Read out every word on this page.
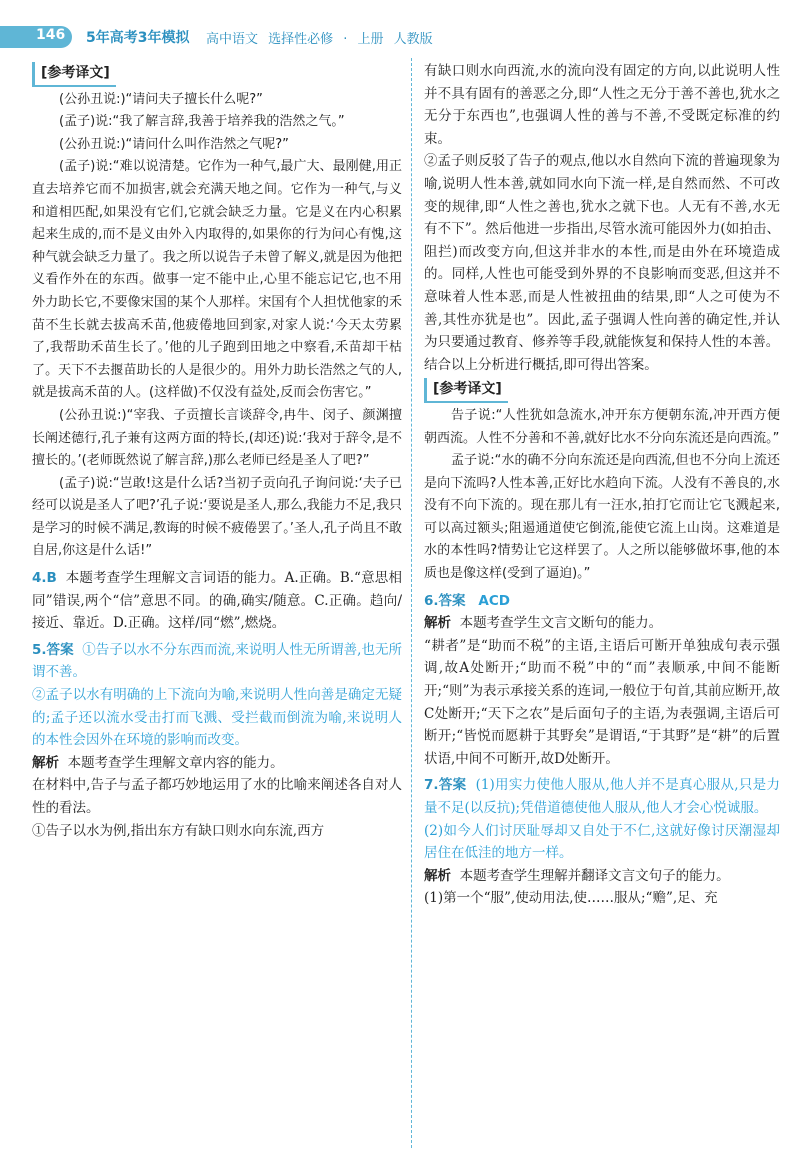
146 5年高考3年模拟 高中语文 选择性必修 · 上册 人教版
[参考译文]

(公孙丑说:)“请问夫子擅长什么呢?”

(孟子)说:“我了解言辞,我善于培养我的浩然之气。”

(公孙丑说:)“请问什么叫作浩然之气呢?”

(孟子)说:“难以说清楚。它作为一种气,最广大、最刚健,用正直去培养它而不加损害,就会充满天地之间。它作为一种气,与义和道相匹配,如果没有它们,它就会缺乏力量。它是义在内心积累起来生成的,而不是义由外入内取得的,如果你的行为问心有愧,这种气就会缺乏力量了。我之所以说告子未曾了解义,就是因为他把义看作外在的东西。做事一定不能中止,心里不能忘记它,也不用外力助长它,不要像宋国的某个人那样。宋国有个人担忧他家的禾苗不生长就去拔高禾苗,他疲倦地回到家,对家人说:‘今天太劳累了,我帮助禾苗生长了。’他的儿子跑到田地之中察看,禾苗却干枯了。天下不去揠苗助长的人是很少的。用外力助长浩然之气的人,就是拔高禾苗的人。(这样做)不仅没有益处,反而会伤害它。”

(公孙丑说:)“宰我、子贡擅长言谈辞令,冉牛、闵子、颜渊擅长阐述德行,孔子兼有这两方面的特长,(却还)说:‘我对于辞令,是不擅长的。’(老师既然说了解言辞,)那么老师已经是圣人了吧?”

(孟子)说:“岂敢!这是什么话?当初子贡向孔子询问说:‘夫子已经可以说是圣人了吧?’孔子说:‘要说是圣人,那么,我能力不足,我只是学习的时候不满足,教诲的时候不疲倦罢了。’圣人,孔子尚且不敢自居,你这是什么话!”

4.B 本题考查学生理解文言词语的能力。A.正确。B.“意思相同”错误,两个“信”意思不同。的确,确实/随意。C.正确。趋向/接近、靠近。D.正确。这样/同“燃”,燃烧。

5.答案 ①告子以水不分东西而流,来说明人性无所谓善,也无所谓不善。

②孟子以水有明确的上下流向为喻,来说明人性向善是确定无疑的;孟子还以流水受击打而飞溅、受拦截而倒流为喻,来说明人的本性会因外在环境的影响而改变。

解析 本题考查学生理解文章内容的能力。

在材料中,告子与孟子都巧妙地运用了水的比喻来阐述各自对人性的看法。

①告子以水为例,指出东方有缺口则水向东流,西方

有缺口则水向西流,水的流向没有固定的方向,以此说明人性并不具有固有的善恶之分,即“人性之无分于善不善也,犹水之无分于东西也”,也强调人性的善与不善,不受既定标准的约束。

②孟子则反驳了告子的观点,他以水自然向下流的普遍现象为喻,说明人性本善,就如同水向下流一样,是自然而然、不可改变的规律,即“人性之善也,犹水之就下也。人无有不善,水无有不下”。然后他进一步指出,尽管水流可能因外力(如拍击、阻拦)而改变方向,但这并非水的本性,而是由外在环境造成的。同样,人性也可能受到外界的不良影响而变恶,但这并不意味着人性本恶,而是人性被扭曲的结果,即“人之可使为不善,其性亦犹是也”。因此,孟子强调人性向善的确定性,并认为只要通过教育、修养等手段,就能恢复和保持人性的本善。

结合以上分析进行概括,即可得出答案。

[参考译文]

告子说:“人性犹如急流水,冲开东方便朝东流,冲开西方便朝西流。人性不分善和不善,就好比水不分向东流还是向西流。”

孟子说:“水的确不分向东流还是向西流,但也不分向上流还是向下流吗?人性本善,正好比水趋向下流。人没有不善良的,水没有不向下流的。现在那儿有一汪水,拍打它而让它飞溅起来,可以高过额头;阻遏通道使它倒流,能使它流上山岗。这难道是水的本性吗?情势让它这样罢了。人之所以能够做坏事,他的本质也是像这样(受到了逼迫)。”

6.答案 ACD

解析 本题考查学生文言文断句的能力。

“耕者”是“助而不税”的主语,主语后可断开单独成句表示强调,故A处断开;“助而不税”中的“而”表顺承,中间不能断开;“则”为表示承接关系的连词,一般位于句首,其前应断开,故C处断开;“天下之农”是后面句子的主语,为表强调,主语后可断开;“皆悦而愿耕于其野矣”是谓语,“于其野”是“耕”的后置状语,中间不可断开,故D处断开。

7.答案 (1)用实力使他人服从,他人并不是真心服从,只是力量不足(以反抗);凭借道德使他人服从,他人才会心悦诚服。

(2)如今人们讨厌耻辱却又自处于不仁,这就好像讨厌潮湿却居住在低洼的地方一样。

解析 本题考查学生理解并翻译文言文句子的能力。

(1)第一个“服”,使动用法,使……服从;“赡”,足、充
